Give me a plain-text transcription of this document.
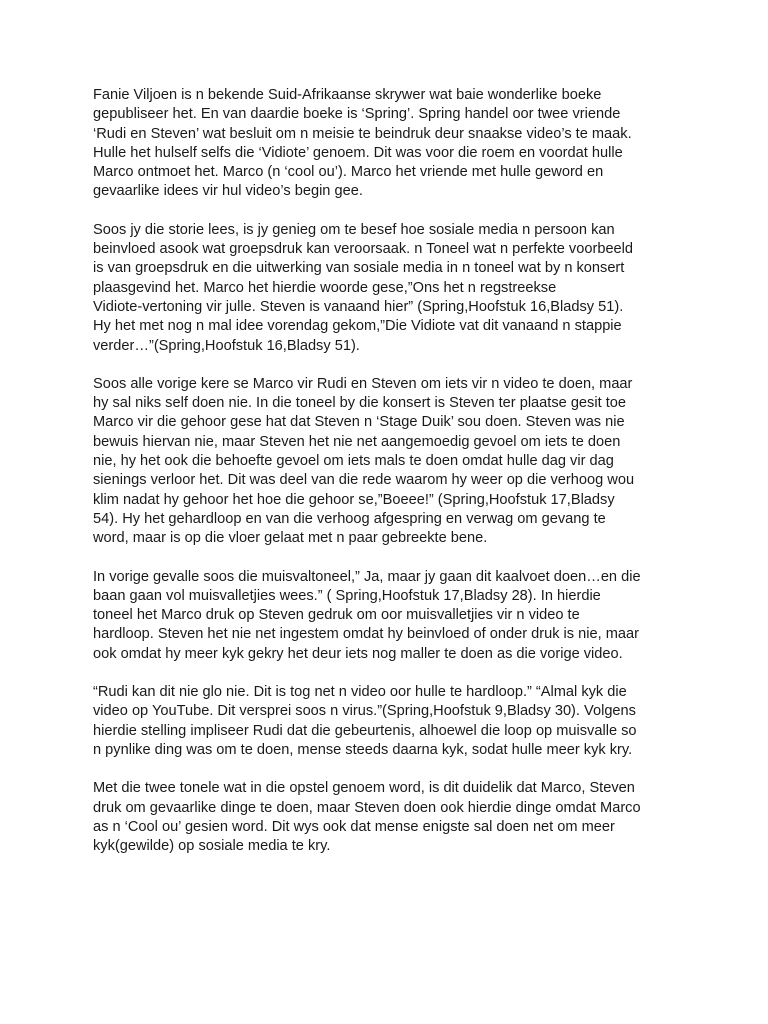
Fanie Viljoen is n bekende Suid-Afrikaanse skrywer wat baie wonderlike boeke
gepubliseer het. En van daardie boeke is ‘Spring’. Spring handel oor twee vriende
‘Rudi en Steven’ wat besluit om n meisie te beindruk deur snaakse video’s te maak.
Hulle het hulself selfs die ‘Vidiote’ genoem. Dit was voor die roem en voordat hulle
Marco ontmoet het. Marco (n ‘cool ou’). Marco het vriende met hulle geword en
gevaarlike idees vir hul video’s begin gee.

Soos jy die storie lees, is jy genieg om te besef hoe sosiale media n persoon kan
beinvloed asook wat groepsdruk kan veroorsaak. n Toneel wat n perfekte voorbeeld
is van groepsdruk en die uitwerking van sosiale media in n toneel wat by n konsert
plaasgevind het. Marco het hierdie woorde gese,”Ons het n regstreekse
Vidiote-vertoning vir julle. Steven is vanaand hier” (Spring,Hoofstuk 16,Bladsy 51).
Hy het met nog n mal idee vorendag gekom,”Die Vidiote vat dit vanaand n stappie
verder…”(Spring,Hoofstuk 16,Bladsy 51).

Soos alle vorige kere se Marco vir Rudi en Steven om iets vir n video te doen, maar
hy sal niks self doen nie. In die toneel by die konsert is Steven ter plaatse gesit toe
Marco vir die gehoor gese hat dat Steven n ‘Stage Duik’ sou doen. Steven was nie
bewuis hiervan nie, maar Steven het nie net aangemoedig gevoel om iets te doen
nie, hy het ook die behoefte gevoel om iets mals te doen omdat hulle dag vir dag
sienings verloor het. Dit was deel van die rede waarom hy weer op die verhoog wou
klim nadat hy gehoor het hoe die gehoor se,”Boeee!” (Spring,Hoofstuk 17,Bladsy
54). Hy het gehardloop en van die verhoog afgespring en verwag om gevang te
word, maar is op die vloer gelaat met n paar gebreekte bene.

In vorige gevalle soos die muisvaltoneel,” Ja, maar jy gaan dit kaalvoet doen…en die
baan gaan vol muisvalletjies wees.” ( Spring,Hoofstuk 17,Bladsy 28). In hierdie
toneel het Marco druk op Steven gedruk om oor muisvalletjies vir n video te
hardloop. Steven het nie net ingestem omdat hy beinvloed of onder druk is nie, maar
ook omdat hy meer kyk gekry het deur iets nog maller te doen as die vorige video.

“Rudi kan dit nie glo nie. Dit is tog net n video oor hulle te hardloop.” “Almal kyk die
video op YouTube. Dit versprei soos n virus.”(Spring,Hoofstuk 9,Bladsy 30). Volgens
hierdie stelling impliseer Rudi dat die gebeurtenis, alhoewel die loop op muisvalle so
n pynlike ding was om te doen, mense steeds daarna kyk, sodat hulle meer kyk kry.

Met die twee tonele wat in die opstel genoem word, is dit duidelik dat Marco, Steven
druk om gevaarlike dinge te doen, maar Steven doen ook hierdie dinge omdat Marco
as n ‘Cool ou’ gesien word. Dit wys ook dat mense enigste sal doen net om meer
kyk(gewilde) op sosiale media te kry.
